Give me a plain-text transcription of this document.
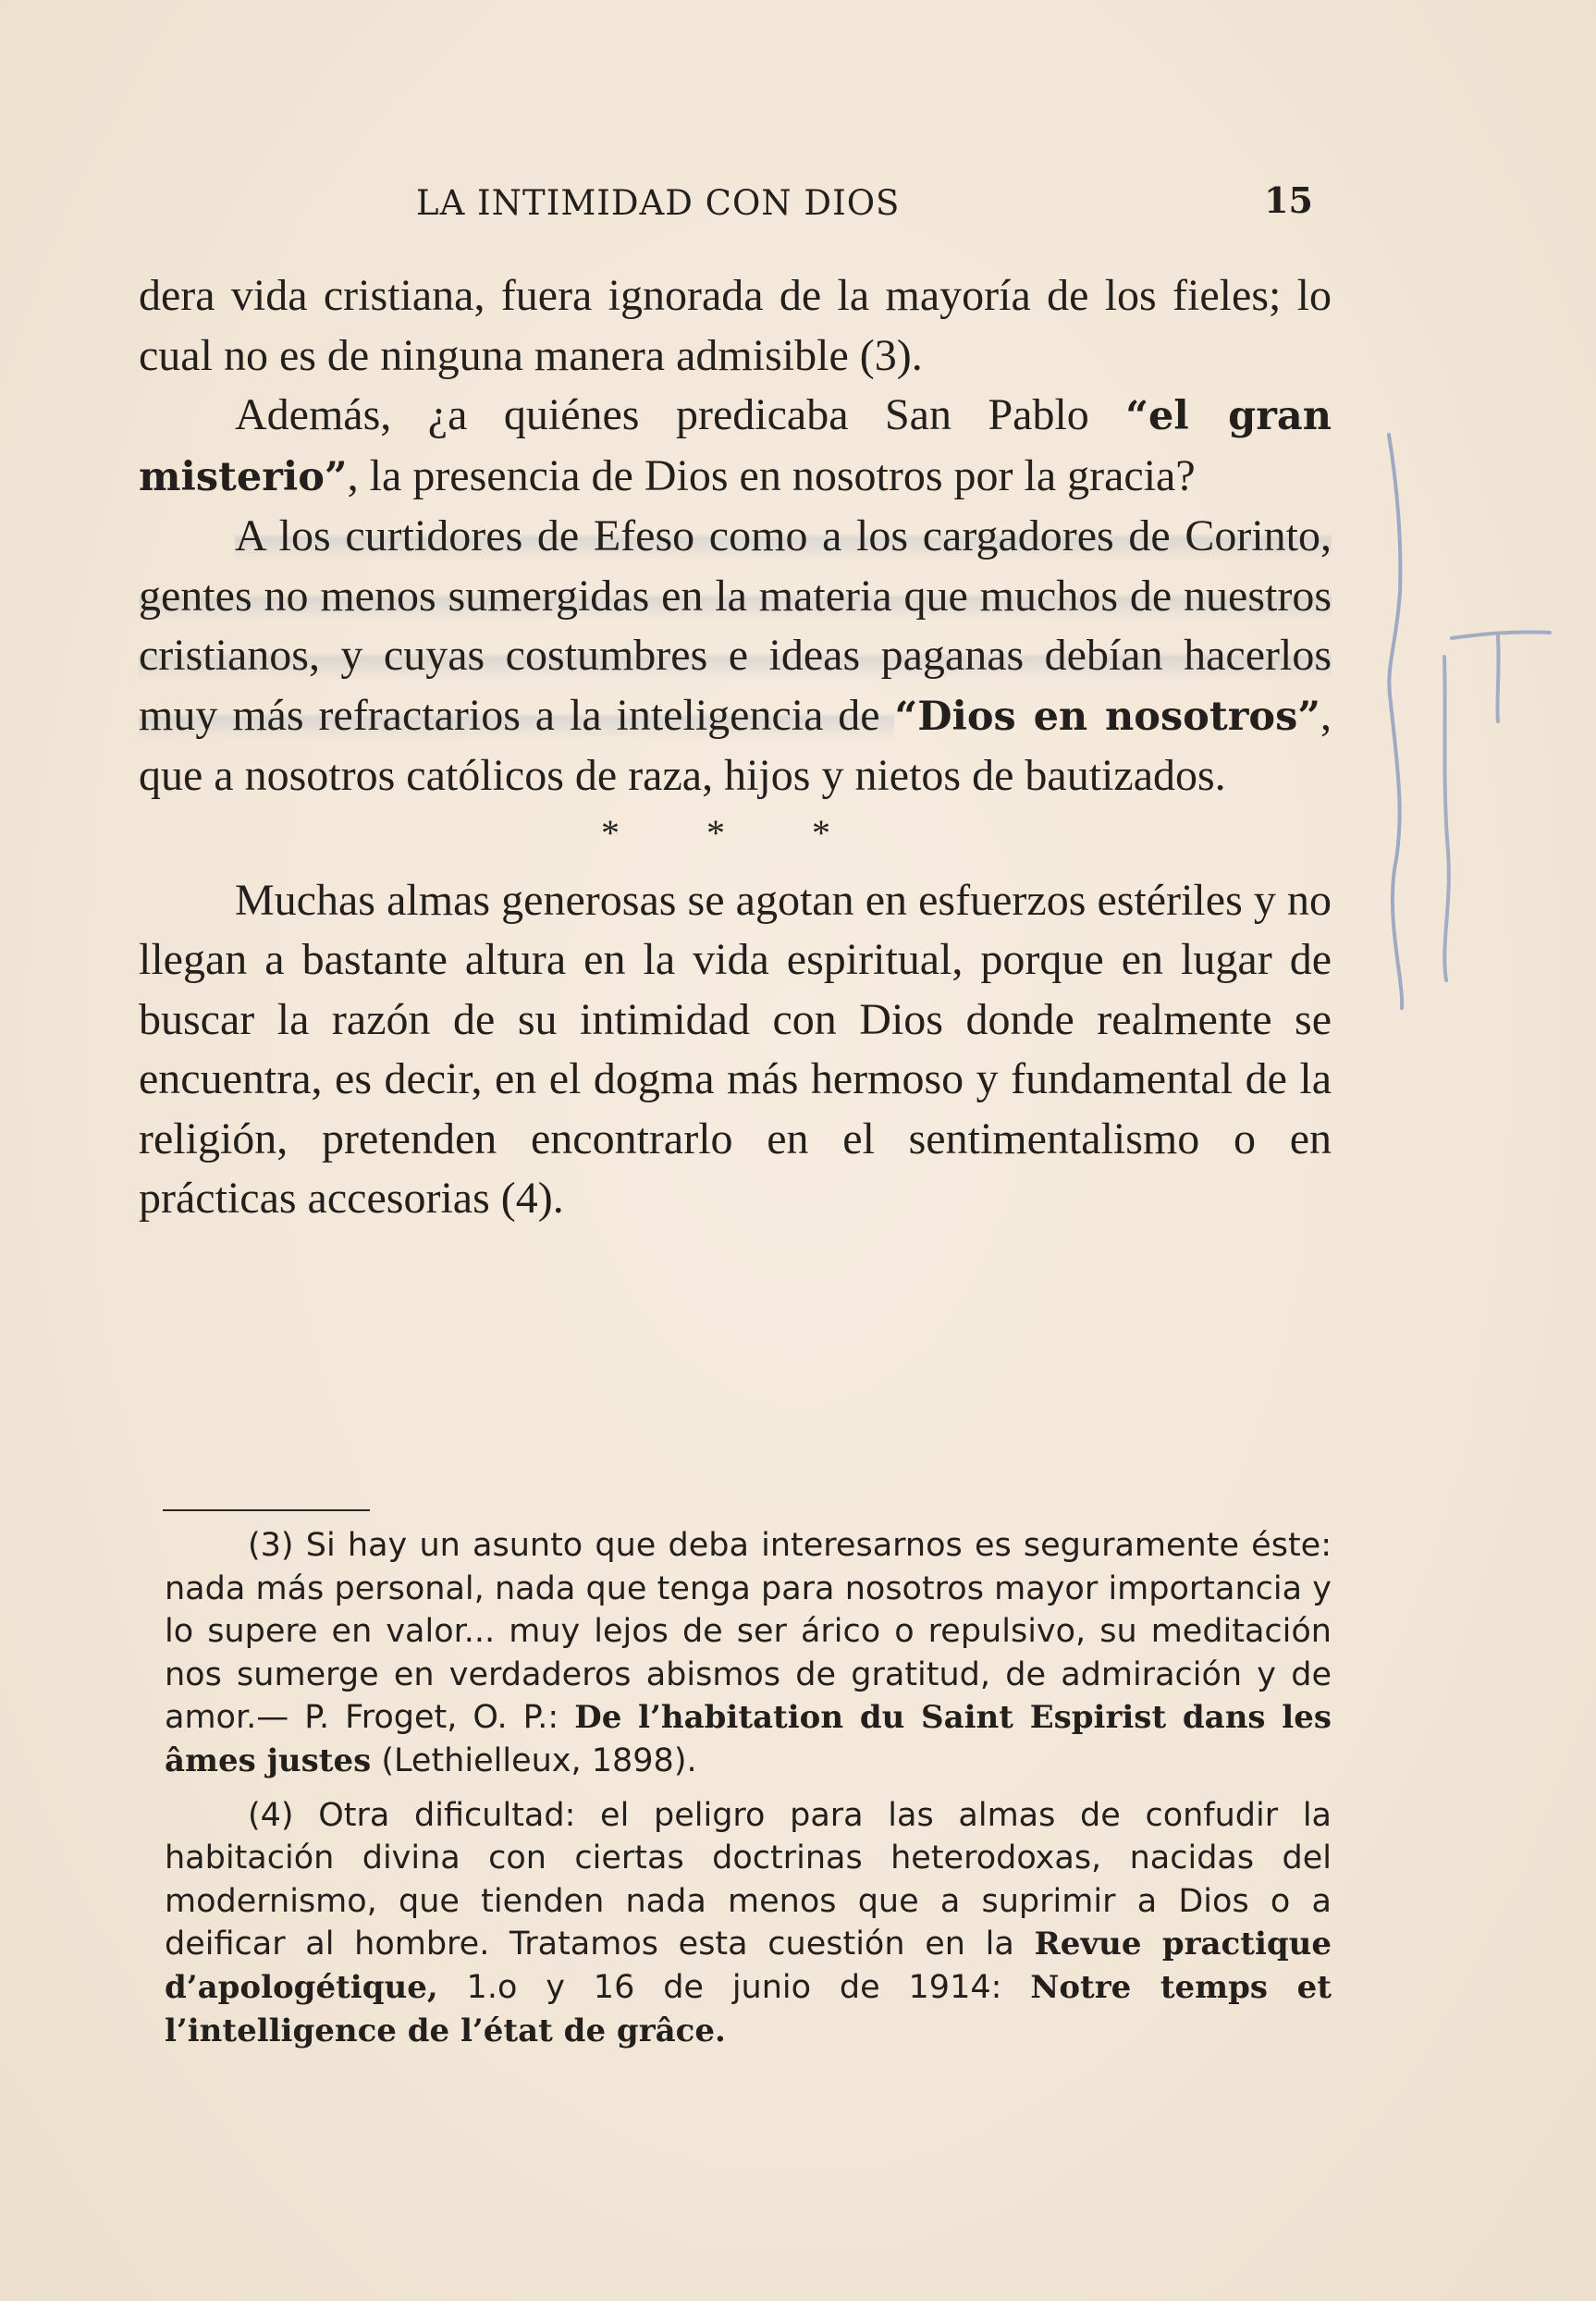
LA INTIMIDAD CON DIOS	15

dera vida cristiana, fuera ignorada de la mayoría de los fieles; lo cual no es de ninguna manera admisible (3).

Además, ¿a quiénes predicaba San Pablo “el gran misterio”, la presencia de Dios en nosotros por la gracia?

A los curtidores de Efeso como a los cargadores de Corinto, gentes no menos sumergidas en la materia que muchos de nuestros cristianos, y cuyas costumbres e ideas paganas debían hacerlos muy más refractarios a la inteligencia de “Dios en nosotros”, que a nosotros católicos de raza, hijos y nietos de bautizados.

* * *

Muchas almas generosas se agotan en esfuerzos estériles y no llegan a bastante altura en la vida espiritual, porque en lugar de buscar la razón de su intimidad con Dios donde realmente se encuentra, es decir, en el dogma más hermoso y fundamental de la religión, pretenden encontrarlo en el sentimentalismo o en prácticas accesorias (4).

(3) Si hay un asunto que deba interesarnos es seguramente éste: nada más personal, nada que tenga para nosotros mayor importancia y lo supere en valor... muy lejos de ser árico o repulsivo, su meditación nos sumerge en verdaderos abismos de gratitud, de admiración y de amor.— P. Froget, O. P.: De l’habitation du Saint Espirist dans les âmes justes (Lethielleux, 1898).

(4) Otra dificultad: el peligro para las almas de confudir la habitación divina con ciertas doctrinas heterodoxas, nacidas del modernismo, que tienden nada menos que a suprimir a Dios o a deificar al hombre. Tratamos esta cuestión en la Revue practique d’apologétique, 1.o y 16 de junio de 1914: Notre temps et l’intelligence de l’état de grâce.
